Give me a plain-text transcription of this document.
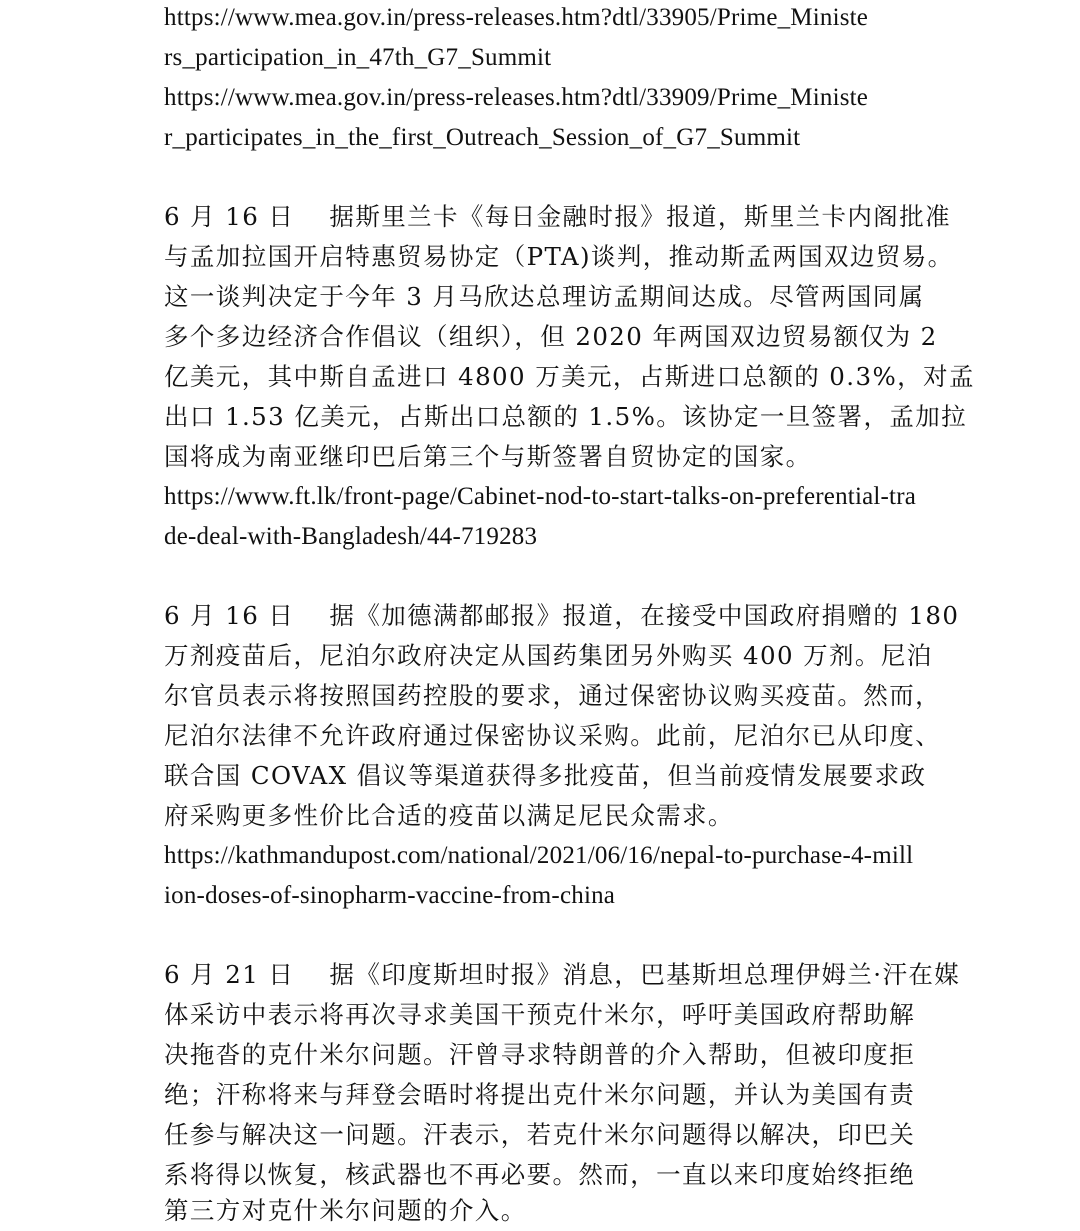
https://www.mea.gov.in/press-releases.htm?dtl/33905/Prime_Ministe
rs_participation_in_47th_G7_Summit
https://www.mea.gov.in/press-releases.htm?dtl/33909/Prime_Ministe
r_participates_in_the_first_Outreach_Session_of_G7_Summit
6 月 16 日　 据斯里兰卡《每日金融时报》报道，斯里兰卡内阁批准
与孟加拉国开启特惠贸易协定（PTA)谈判，推动斯孟两国双边贸易。
这一谈判决定于今年 3 月马欣达总理访孟期间达成。尽管两国同属
多个多边经济合作倡议（组织），但 2020 年两国双边贸易额仅为 2
亿美元，其中斯自孟进口 4800 万美元，占斯进口总额的 0.3%，对孟
出口 1.53 亿美元，占斯出口总额的 1.5%。该协定一旦签署，孟加拉
国将成为南亚继印巴后第三个与斯签署自贸协定的国家。
https://www.ft.lk/front-page/Cabinet-nod-to-start-talks-on-preferential-tra
de-deal-with-Bangladesh/44-719283
6 月 16 日　 据《加德满都邮报》报道，在接受中国政府捐赠的 180
万剂疫苗后，尼泊尔政府决定从国药集团另外购买 400 万剂。尼泊
尔官员表示将按照国药控股的要求，通过保密协议购买疫苗。然而，
尼泊尔法律不允许政府通过保密协议采购。此前，尼泊尔已从印度、
联合国 COVAX 倡议等渠道获得多批疫苗，但当前疫情发展要求政
府采购更多性价比合适的疫苗以满足尼民众需求。
https://kathmandupost.com/national/2021/06/16/nepal-to-purchase-4-mill
ion-doses-of-sinopharm-vaccine-from-china
6 月 21 日　 据《印度斯坦时报》消息，巴基斯坦总理伊姆兰·汗在媒
体采访中表示将再次寻求美国干预克什米尔，呼吁美国政府帮助解
决拖沓的克什米尔问题。汗曾寻求特朗普的介入帮助，但被印度拒
绝；汗称将来与拜登会晤时将提出克什米尔问题，并认为美国有责
任参与解决这一问题。汗表示，若克什米尔问题得以解决，印巴关
系将得以恢复，核武器也不再必要。然而，一直以来印度始终拒绝
第三方对克什米尔问题的介入。
